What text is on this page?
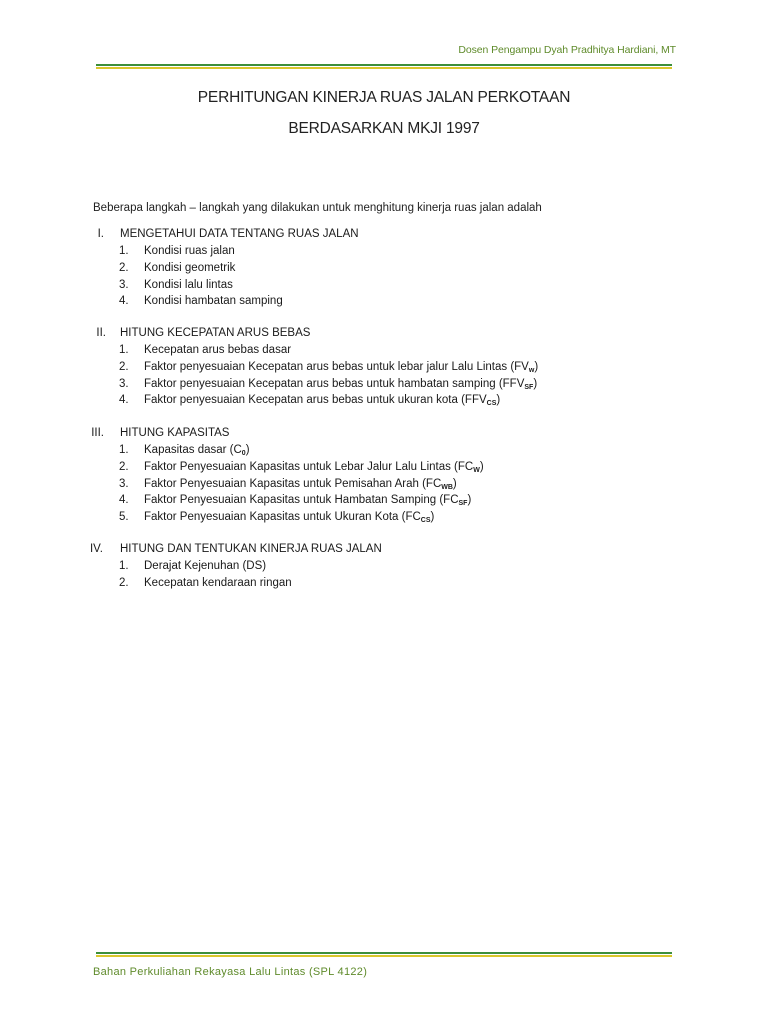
Dosen Pengampu Dyah Pradhitya Hardiani, MT
PERHITUNGAN KINERJA RUAS JALAN PERKOTAAN
BERDASARKAN MKJI 1997
Beberapa langkah – langkah yang dilakukan untuk menghitung kinerja ruas jalan adalah
I. MENGETAHUI DATA TENTANG RUAS JALAN
1. Kondisi ruas jalan
2. Kondisi geometrik
3. Kondisi lalu lintas
4. Kondisi hambatan samping
II. HITUNG KECEPATAN ARUS BEBAS
1. Kecepatan arus bebas dasar
2. Faktor penyesuaian Kecepatan arus bebas untuk lebar jalur Lalu Lintas $(FV_w)$
3. Faktor penyesuaian Kecepatan arus bebas untuk hambatan samping $(FFV_{SF})$
4. Faktor penyesuaian Kecepatan arus bebas untuk ukuran kota $(FFV_{CS})$
III. HITUNG KAPASITAS
1. Kapasitas dasar $(C_0)$
2. Faktor Penyesuaian Kapasitas untuk Lebar Jalur Lalu Lintas $(FC_W)$
3. Faktor Penyesuaian Kapasitas untuk Pemisahan Arah $(FC_{WB})$
4. Faktor Penyesuaian Kapasitas untuk Hambatan Samping $(FC_{SF})$
5. Faktor Penyesuaian Kapasitas untuk Ukuran Kota $(FC_{CS})$
IV. HITUNG DAN TENTUKAN KINERJA RUAS JALAN
1. Derajat Kejenuhan (DS)
2. Kecepatan kendaraan ringan
Bahan Perkuliahan Rekayasa Lalu Lintas (SPL 4122)
